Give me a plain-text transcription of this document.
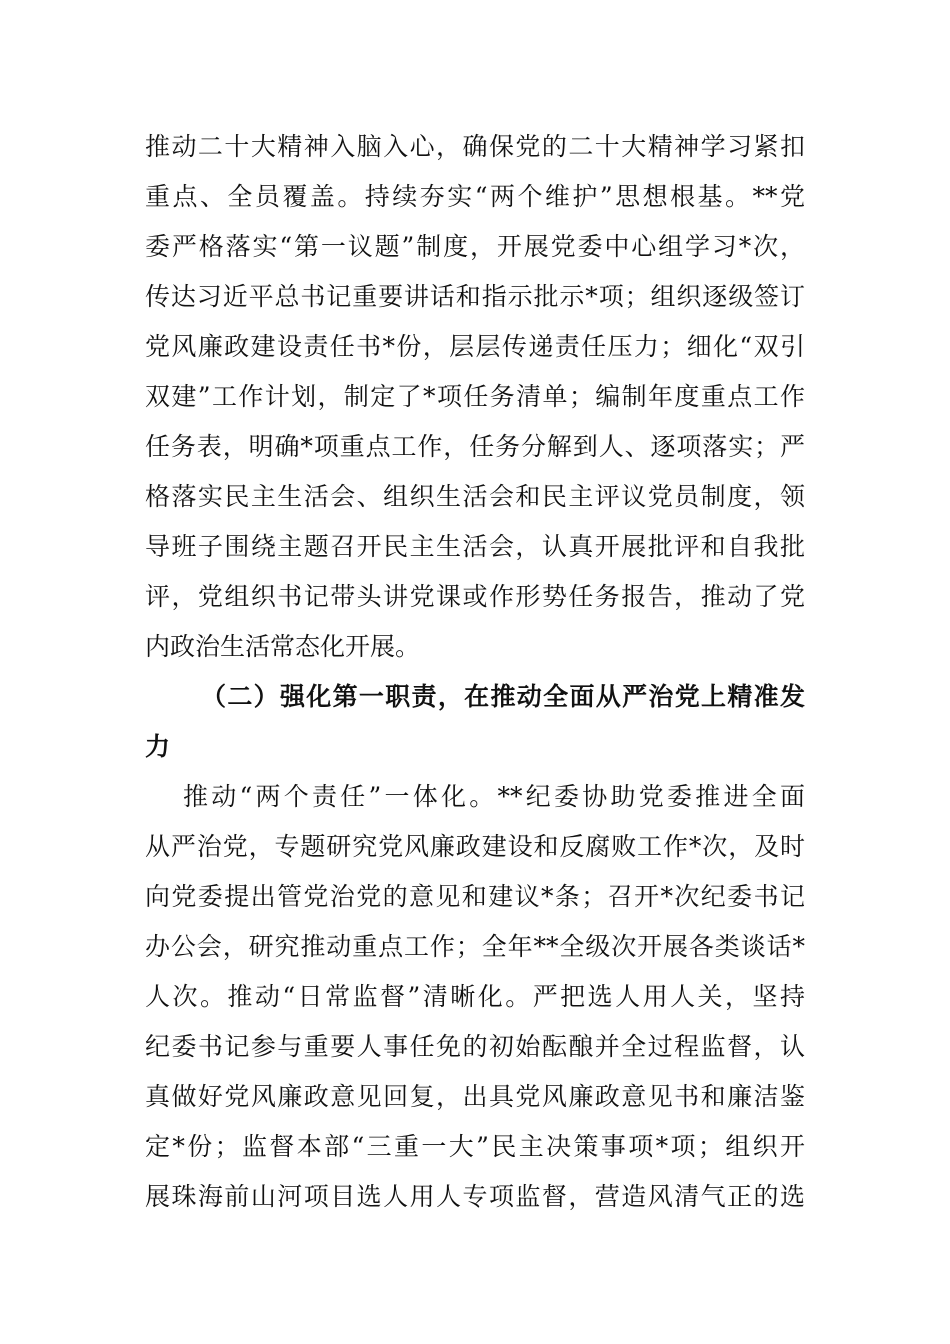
推动二十大精神入脑入心，确保党的二十大精神学习紧扣
重点、全员覆盖。持续夯实“两个维护”思想根基。**党
委严格落实“第一议题”制度，开展党委中心组学习*次，
传达习近平总书记重要讲话和指示批示*项；组织逐级签订
党风廉政建设责任书*份，层层传递责任压力；细化“双引
双建”工作计划，制定了*项任务清单；编制年度重点工作
任务表，明确*项重点工作，任务分解到人、逐项落实；严
格落实民主生活会、组织生活会和民主评议党员制度，领
导班子围绕主题召开民主生活会，认真开展批评和自我批
评，党组织书记带头讲党课或作形势任务报告，推动了党
内政治生活常态化开展。
（二）强化第一职责，在推动全面从严治党上精准发
力
推动“两个责任”一体化。**纪委协助党委推进全面
从严治党，专题研究党风廉政建设和反腐败工作*次，及时
向党委提出管党治党的意见和建议*条；召开*次纪委书记
办公会，研究推动重点工作；全年**全级次开展各类谈话*
人次。推动“日常监督”清晰化。严把选人用人关，坚持
纪委书记参与重要人事任免的初始酝酿并全过程监督，认
真做好党风廉政意见回复，出具党风廉政意见书和廉洁鉴
定*份；监督本部“三重一大”民主决策事项*项；组织开
展珠海前山河项目选人用人专项监督，营造风清气正的选
